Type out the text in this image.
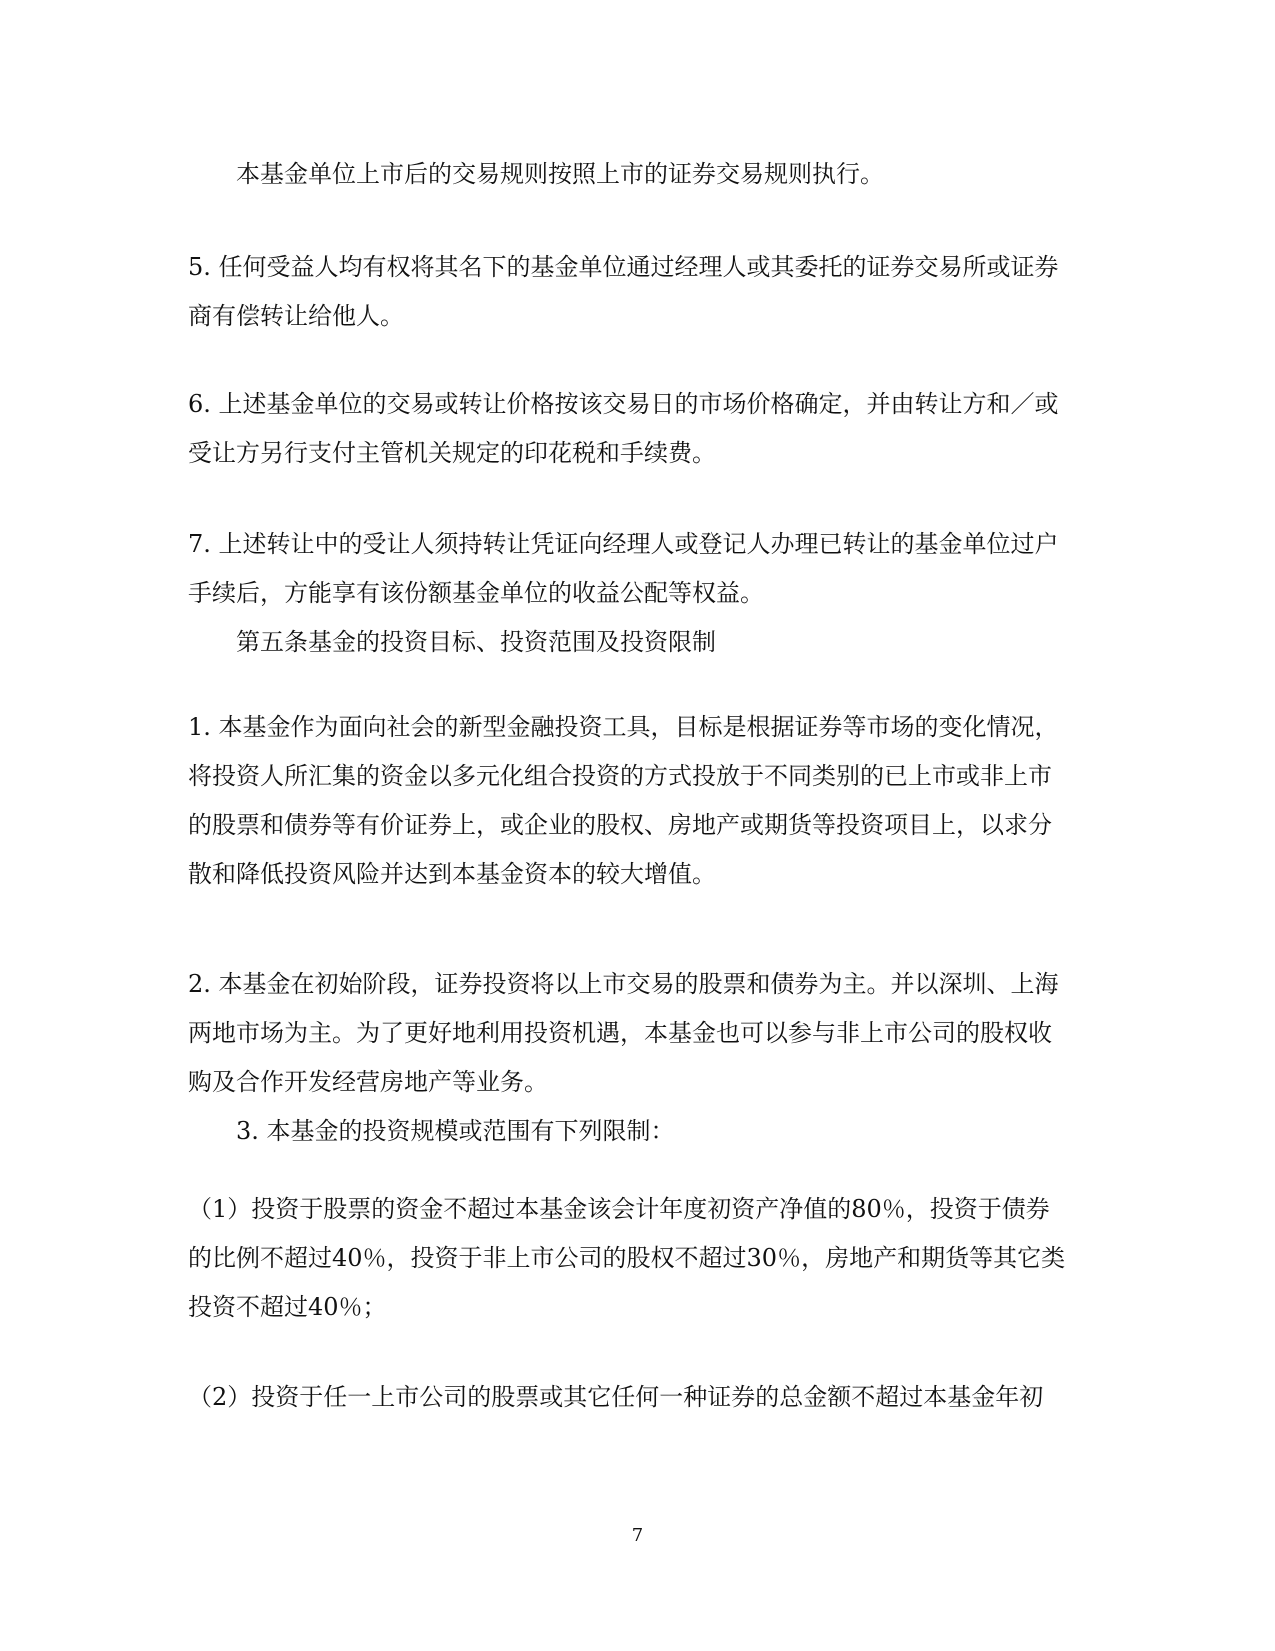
本基金单位上市后的交易规则按照上市的证券交易规则执行。
5. 任何受益人均有权将其名下的基金单位通过经理人或其委托的证券交易所或证券
商有偿转让给他人。
6. 上述基金单位的交易或转让价格按该交易日的市场价格确定，并由转让方和／或
受让方另行支付主管机关规定的印花税和手续费。
7. 上述转让中的受让人须持转让凭证向经理人或登记人办理已转让的基金单位过户
手续后，方能享有该份额基金单位的收益公配等权益。
第五条基金的投资目标、投资范围及投资限制
1. 本基金作为面向社会的新型金融投资工具，目标是根据证券等市场的变化情况，
将投资人所汇集的资金以多元化组合投资的方式投放于不同类别的已上市或非上市
的股票和债券等有价证券上，或企业的股权、房地产或期货等投资项目上，以求分
散和降低投资风险并达到本基金资本的较大增值。
2. 本基金在初始阶段，证券投资将以上市交易的股票和债券为主。并以深圳、上海
两地市场为主。为了更好地利用投资机遇，本基金也可以参与非上市公司的股权收
购及合作开发经营房地产等业务。
3. 本基金的投资规模或范围有下列限制：
（1）投资于股票的资金不超过本基金该会计年度初资产净值的80％，投资于债券
的比例不超过40％，投资于非上市公司的股权不超过30％，房地产和期货等其它类
投资不超过40％；
（2）投资于任一上市公司的股票或其它任何一种证券的总金额不超过本基金年初
7
